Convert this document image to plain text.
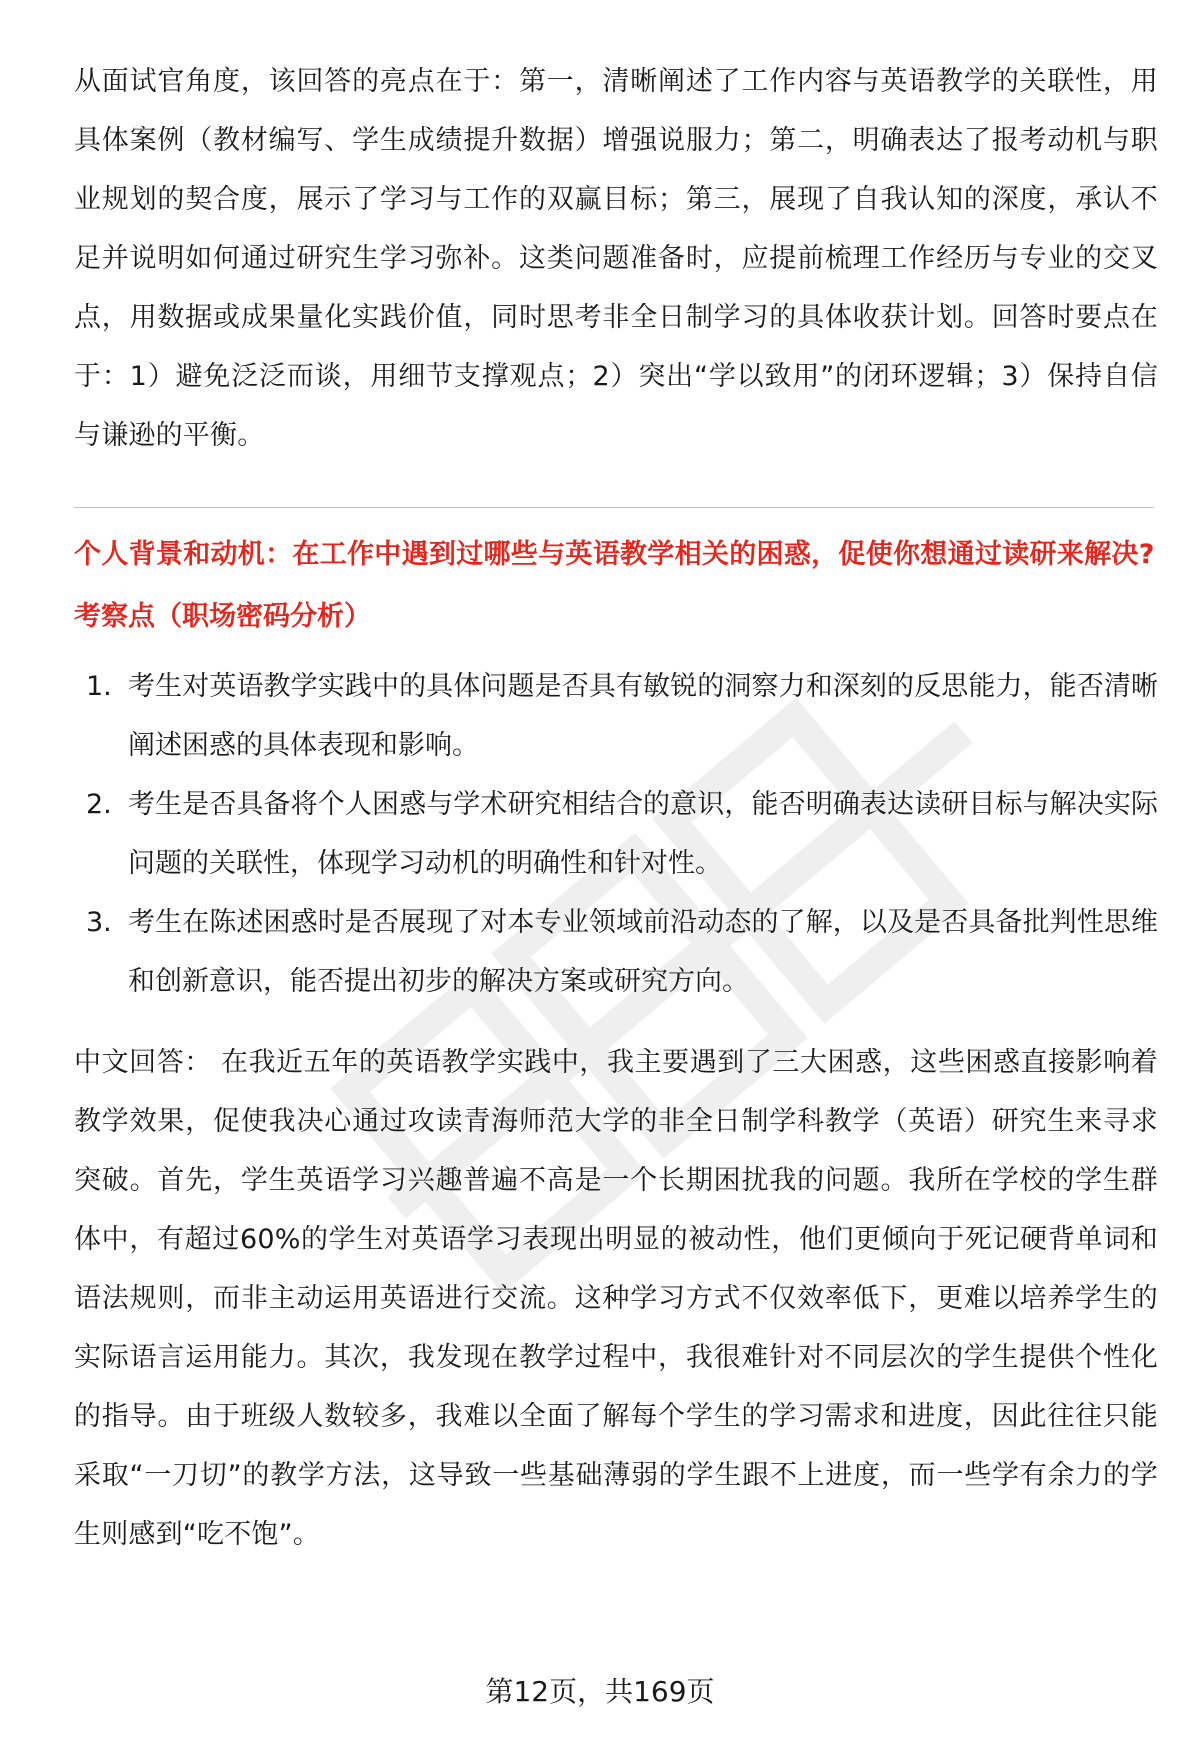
从面试官角度，该回答的亮点在于：第一，清晰阐述了工作内容与英语教学的关联性，用具体案例（教材编写、学生成绩提升数据）增强说服力；第二，明确表达了报考动机与职业规划的契合度，展示了学习与工作的双赢目标；第三，展现了自我认知的深度，承认不足并说明如何通过研究生学习弥补。这类问题准备时，应提前梳理工作经历与专业的交叉点，用数据或成果量化实践价值，同时思考非全日制学习的具体收获计划。回答时要点在于：1）避免泛泛而谈，用细节支撑观点；2）突出“学以致用”的闭环逻辑；3）保持自信与谦逊的平衡。

个人背景和动机：在工作中遇到过哪些与英语教学相关的困惑，促使你想通过读研来解决?

考察点（职场密码分析）

1. 考生对英语教学实践中的具体问题是否具有敏锐的洞察力和深刻的反思能力，能否清晰阐述困惑的具体表现和影响。
2. 考生是否具备将个人困惑与学术研究相结合的意识，能否明确表达读研目标与解决实际问题的关联性，体现学习动机的明确性和针对性。
3. 考生在陈述困惑时是否展现了对本专业领域前沿动态的了解，以及是否具备批判性思维和创新意识，能否提出初步的解决方案或研究方向。

中文回答： 在我近五年的英语教学实践中，我主要遇到了三大困惑，这些困惑直接影响着教学效果，促使我决心通过攻读青海师范大学的非全日制学科教学（英语）研究生来寻求突破。首先，学生英语学习兴趣普遍不高是一个长期困扰我的问题。我所在学校的学生群体中，有超过60%的学生对英语学习表现出明显的被动性，他们更倾向于死记硬背单词和语法规则，而非主动运用英语进行交流。这种学习方式不仅效率低下，更难以培养学生的实际语言运用能力。其次，我发现在教学过程中，我很难针对不同层次的学生提供个性化的指导。由于班级人数较多，我难以全面了解每个学生的学习需求和进度，因此往往只能采取“一刀切”的教学方法，这导致一些基础薄弱的学生跟不上进度，而一些学有余力的学生则感到“吃不饱”。

第12页，共169页
